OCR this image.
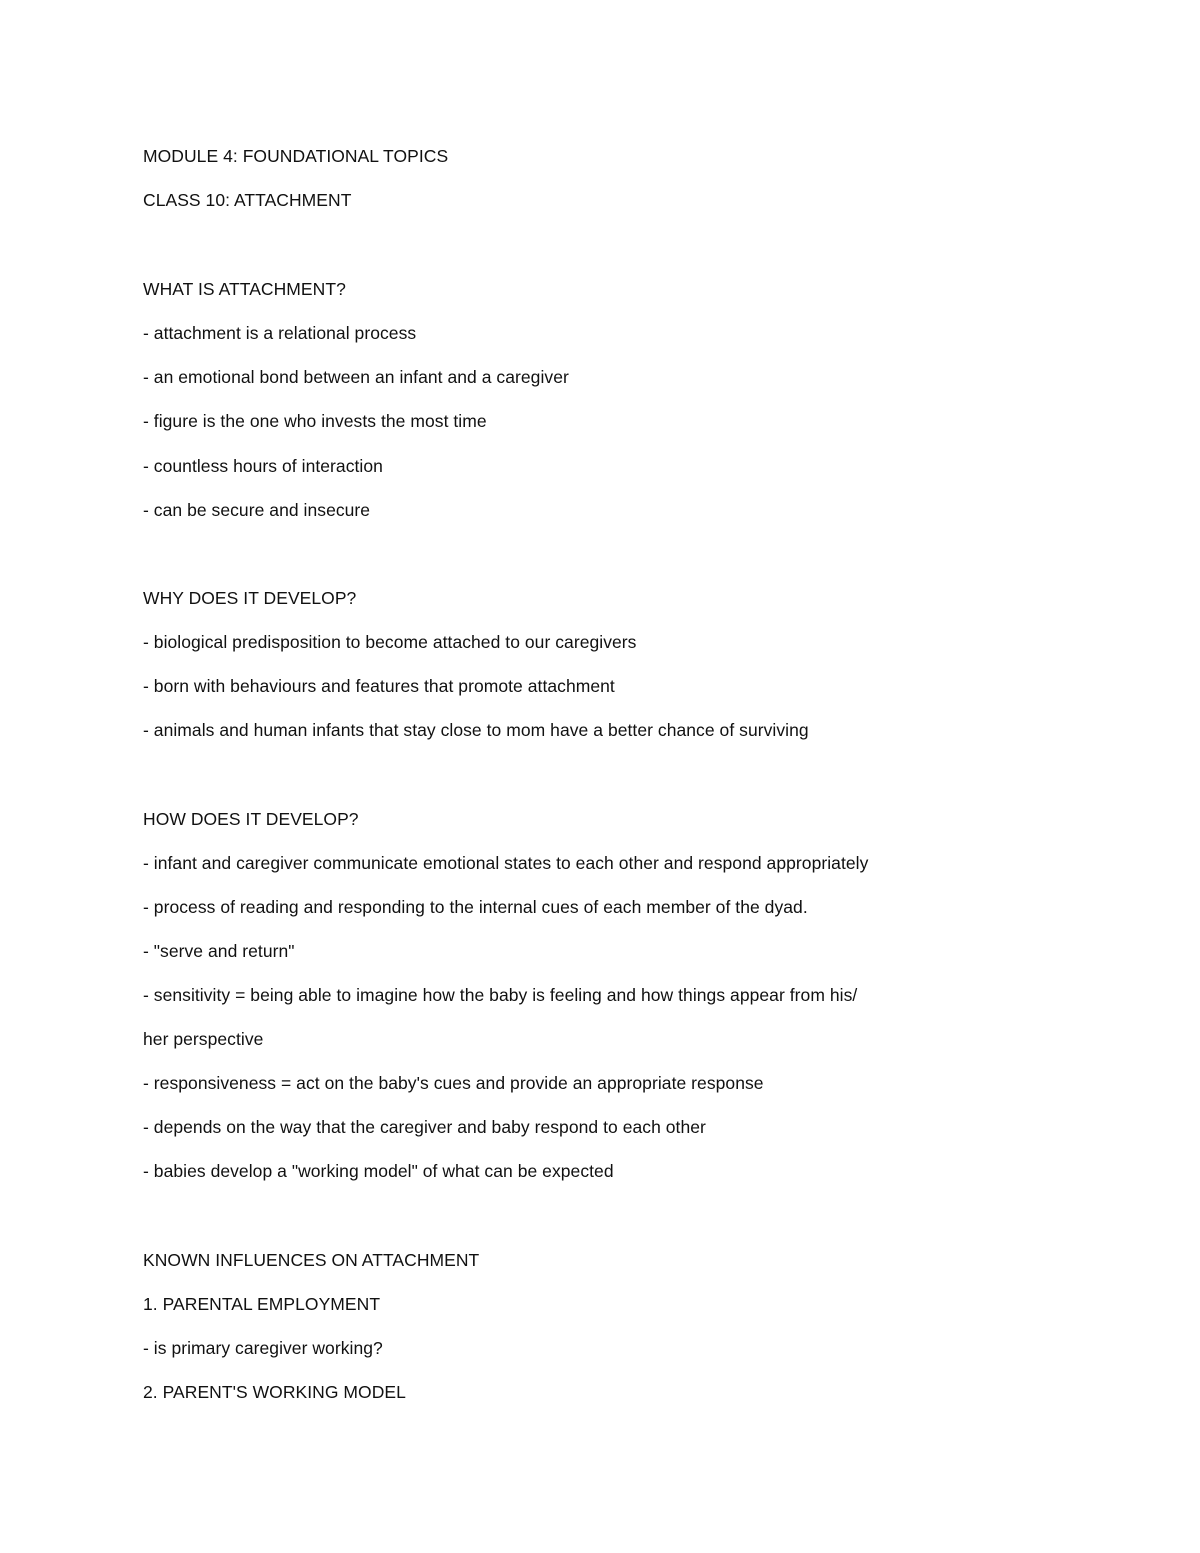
MODULE 4: FOUNDATIONAL TOPICS
CLASS 10: ATTACHMENT
WHAT IS ATTACHMENT?
- attachment is a relational process
- an emotional bond between an infant and a caregiver
- figure is the one who invests the most time
- countless hours of interaction
- can be secure and insecure
WHY DOES IT DEVELOP?
- biological predisposition to become attached to our caregivers
- born with behaviours and features that promote attachment
- animals and human infants that stay close to mom have a better chance of surviving
HOW DOES IT DEVELOP?
- infant and caregiver communicate emotional states to each other and respond appropriately
- process of reading and responding to the internal cues of each member of the dyad.
- "serve and return"
- sensitivity = being able to imagine how the baby is feeling and how things appear from his/
her perspective
- responsiveness = act on the baby's cues and provide an appropriate response
- depends on the way that the caregiver and baby respond to each other
- babies develop a "working model" of what can be expected
KNOWN INFLUENCES ON ATTACHMENT
1. PARENTAL EMPLOYMENT
- is primary caregiver working?
2. PARENT'S WORKING MODEL
